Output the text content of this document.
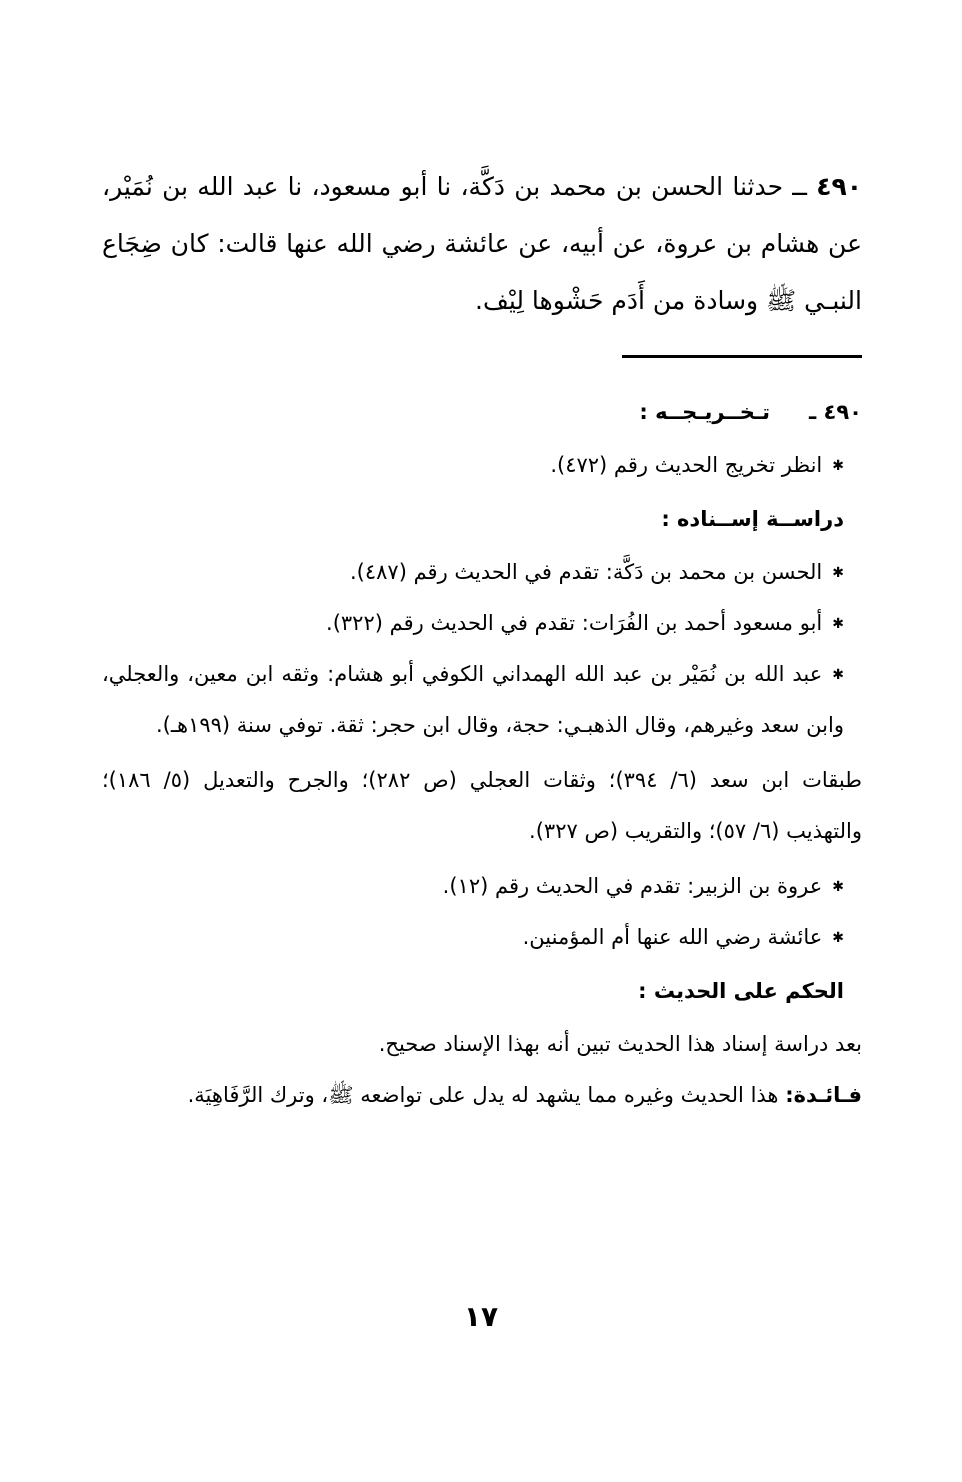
٤٩٠ ــ حدثنا الحسن بن محمد بن دَكَّة، نا أبو مسعود، نا عبد الله بن نُمَيْر، عن هشام بن عروة، عن أبيه، عن عائشة رضي الله عنها قالت: كان ضِجَاع النبـي ﷺ وسادة من أَدَم حَشْوها لِيْف.
٤٩٠ ـ
تـخــريـجــه :

✱انظر تخريج الحديث رقم (٤٧٢).

دراســة إســناده :

✱الحسن بن محمد بن دَكَّة: تقدم في الحديث رقم (٤٨٧).

✱أبو مسعود أحمد بن الفُرَات: تقدم في الحديث رقم (٣٢٢).

✱عبد الله بن نُمَيْر بن عبد الله الهمداني الكوفي أبو هشام: وثقه ابن معين، والعجلي، وابن سعد وغيرهم، وقال الذهبـي: حجة، وقال ابن حجر: ثقة. توفي سنة (١٩٩هـ).

طبقات ابن سعد (٦/ ٣٩٤)؛ وثقات العجلي (ص ٢٨٢)؛ والجرح والتعديل (٥/ ١٨٦)؛ والتهذيب (٦/ ٥٧)؛ والتقريب (ص ٣٢٧).

✱عروة بن الزبير: تقدم في الحديث رقم (١٢).

✱عائشة رضي الله عنها أم المؤمنين.

الحكم على الحديث :

بعد دراسة إسناد هذا الحديث تبين أنه بهذا الإسناد صحيح.

فـائـدة: هذا الحديث وغيره مما يشهد له يدل على تواضعه ﷺ، وترك الرَّفَاهِيَة.

١٧
